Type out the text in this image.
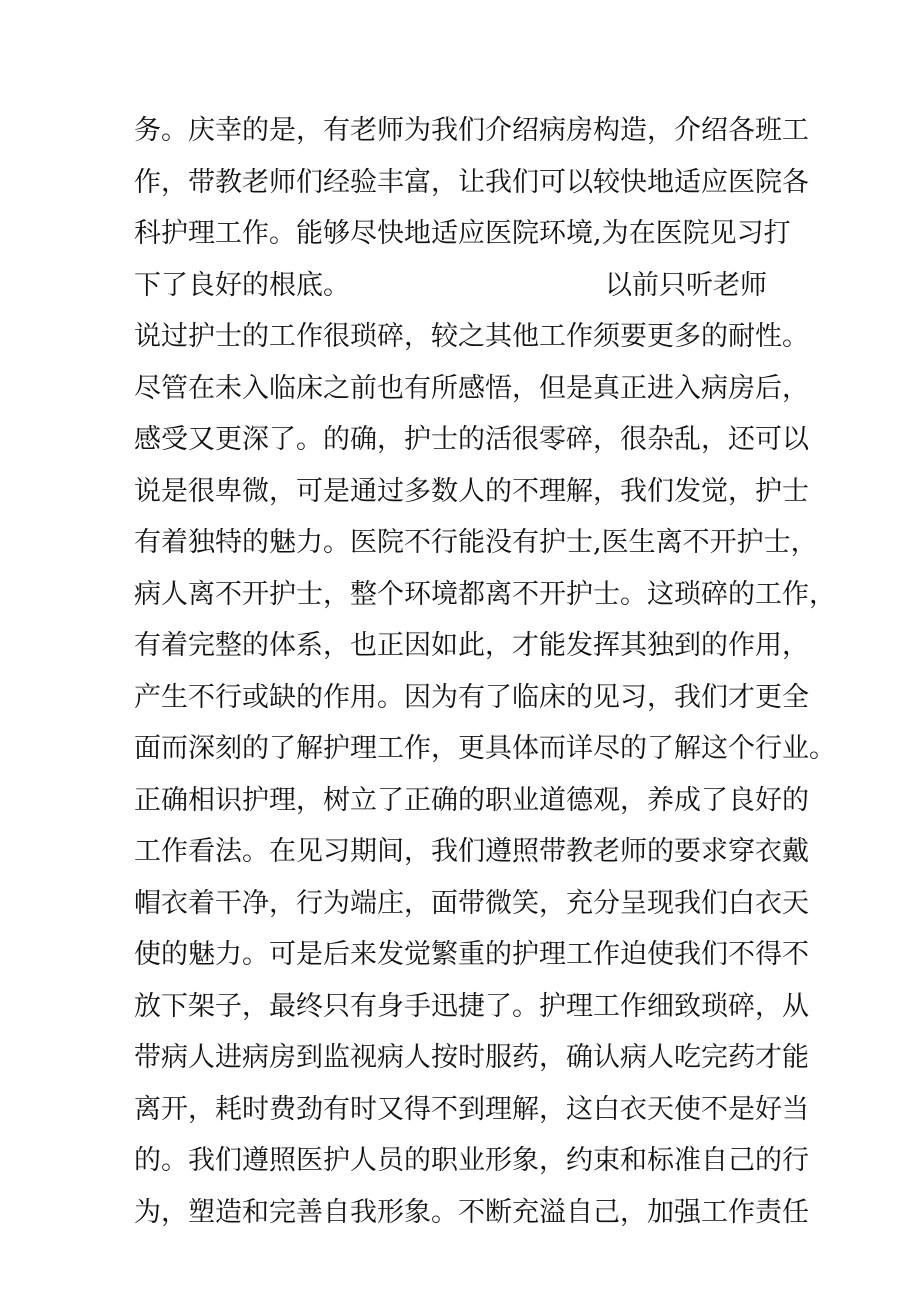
务。庆幸的是，有老师为我们介绍病房构造，介绍各班工
作，带教老师们经验丰富，让我们可以较快地适应医院各
科护理工作。能够尽快地适应医院环境,为在医院见习打
下了良好的根底。	以前只听老师
说过护士的工作很琐碎，较之其他工作须要更多的耐性。
尽管在未入临床之前也有所感悟，但是真正进入病房后，
感受又更深了。的确，护士的活很零碎，很杂乱，还可以
说是很卑微，可是通过多数人的不理解，我们发觉，护士
有着独特的魅力。医院不行能没有护士,医生离不开护士，
病人离不开护士，整个环境都离不开护士。这琐碎的工作，
有着完整的体系，也正因如此，才能发挥其独到的作用，
产生不行或缺的作用。因为有了临床的见习，我们才更全
面而深刻的了解护理工作，更具体而详尽的了解这个行业。
正确相识护理，树立了正确的职业道德观，养成了良好的
工作看法。在见习期间，我们遵照带教老师的要求穿衣戴
帽衣着干净，行为端庄，面带微笑，充分呈现我们白衣天
使的魅力。可是后来发觉繁重的护理工作迫使我们不得不
放下架子，最终只有身手迅捷了。护理工作细致琐碎，从
带病人进病房到监视病人按时服药，确认病人吃完药才能
离开，耗时费劲有时又得不到理解，这白衣天使不是好当
的。我们遵照医护人员的职业形象，约束和标准自己的行
为，塑造和完善自我形象。不断充溢自己，加强工作责任
